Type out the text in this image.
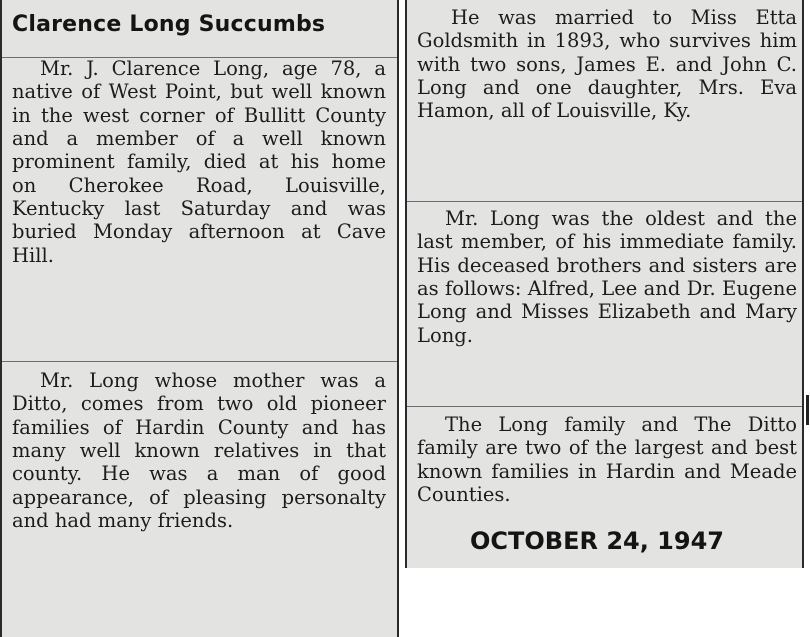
Clarence Long Succumbs

Mr. J. Clarence Long, age 78, a native of West Point, but well known in the west corner of Bullitt County and a member of a well known prominent family, died at his home on Cherokee Road, Louisville, Kentucky last Saturday and was buried Monday afternoon at Cave Hill.

Mr. Long whose mother was a Ditto, comes from two old pioneer families of Hardin County and has many well known relatives in that county. He was a man of good appearance, of pleasing personalty and had many friends.

He was married to Miss Etta Goldsmith in 1893, who survives him with two sons, James E. and John C. Long and one daughter, Mrs. Eva Hamon, all of Louisville, Ky.

Mr. Long was the oldest and the last member, of his immediate family. His deceased brothers and sisters are as follows: Alfred, Lee and Dr. Eugene Long and Misses Elizabeth and Mary Long.

The Long family and The Ditto family are two of the largest and best known families in Hardin and Meade Counties.

OCTOBER 24, 1947
